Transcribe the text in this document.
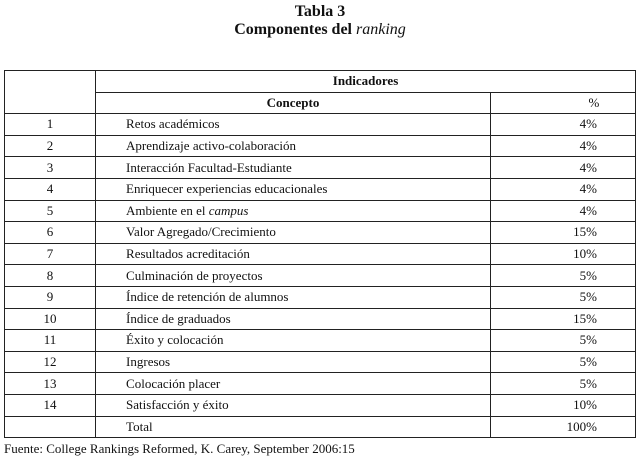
Tabla 3
Componentes del ranking
	Indicadores	
	Concepto	%
1	Retos académicos	4%
2	Aprendizaje activo-colaboración	4%
3	Interacción Facultad-Estudiante	4%
4	Enriquecer experiencias educacionales	4%
5	Ambiente en el campus	4%
6	Valor Agregado/Crecimiento	15%
7	Resultados acreditación	10%
8	Culminación de proyectos	5%
9	Índice de retención de alumnos	5%
10	Índice de graduados	15%
11	Éxito y colocación	5%
12	Ingresos	5%
13	Colocación placer	5%
14	Satisfacción y éxito	10%
	Total	100%
Fuente: College Rankings Reformed, K. Carey, September 2006:15
